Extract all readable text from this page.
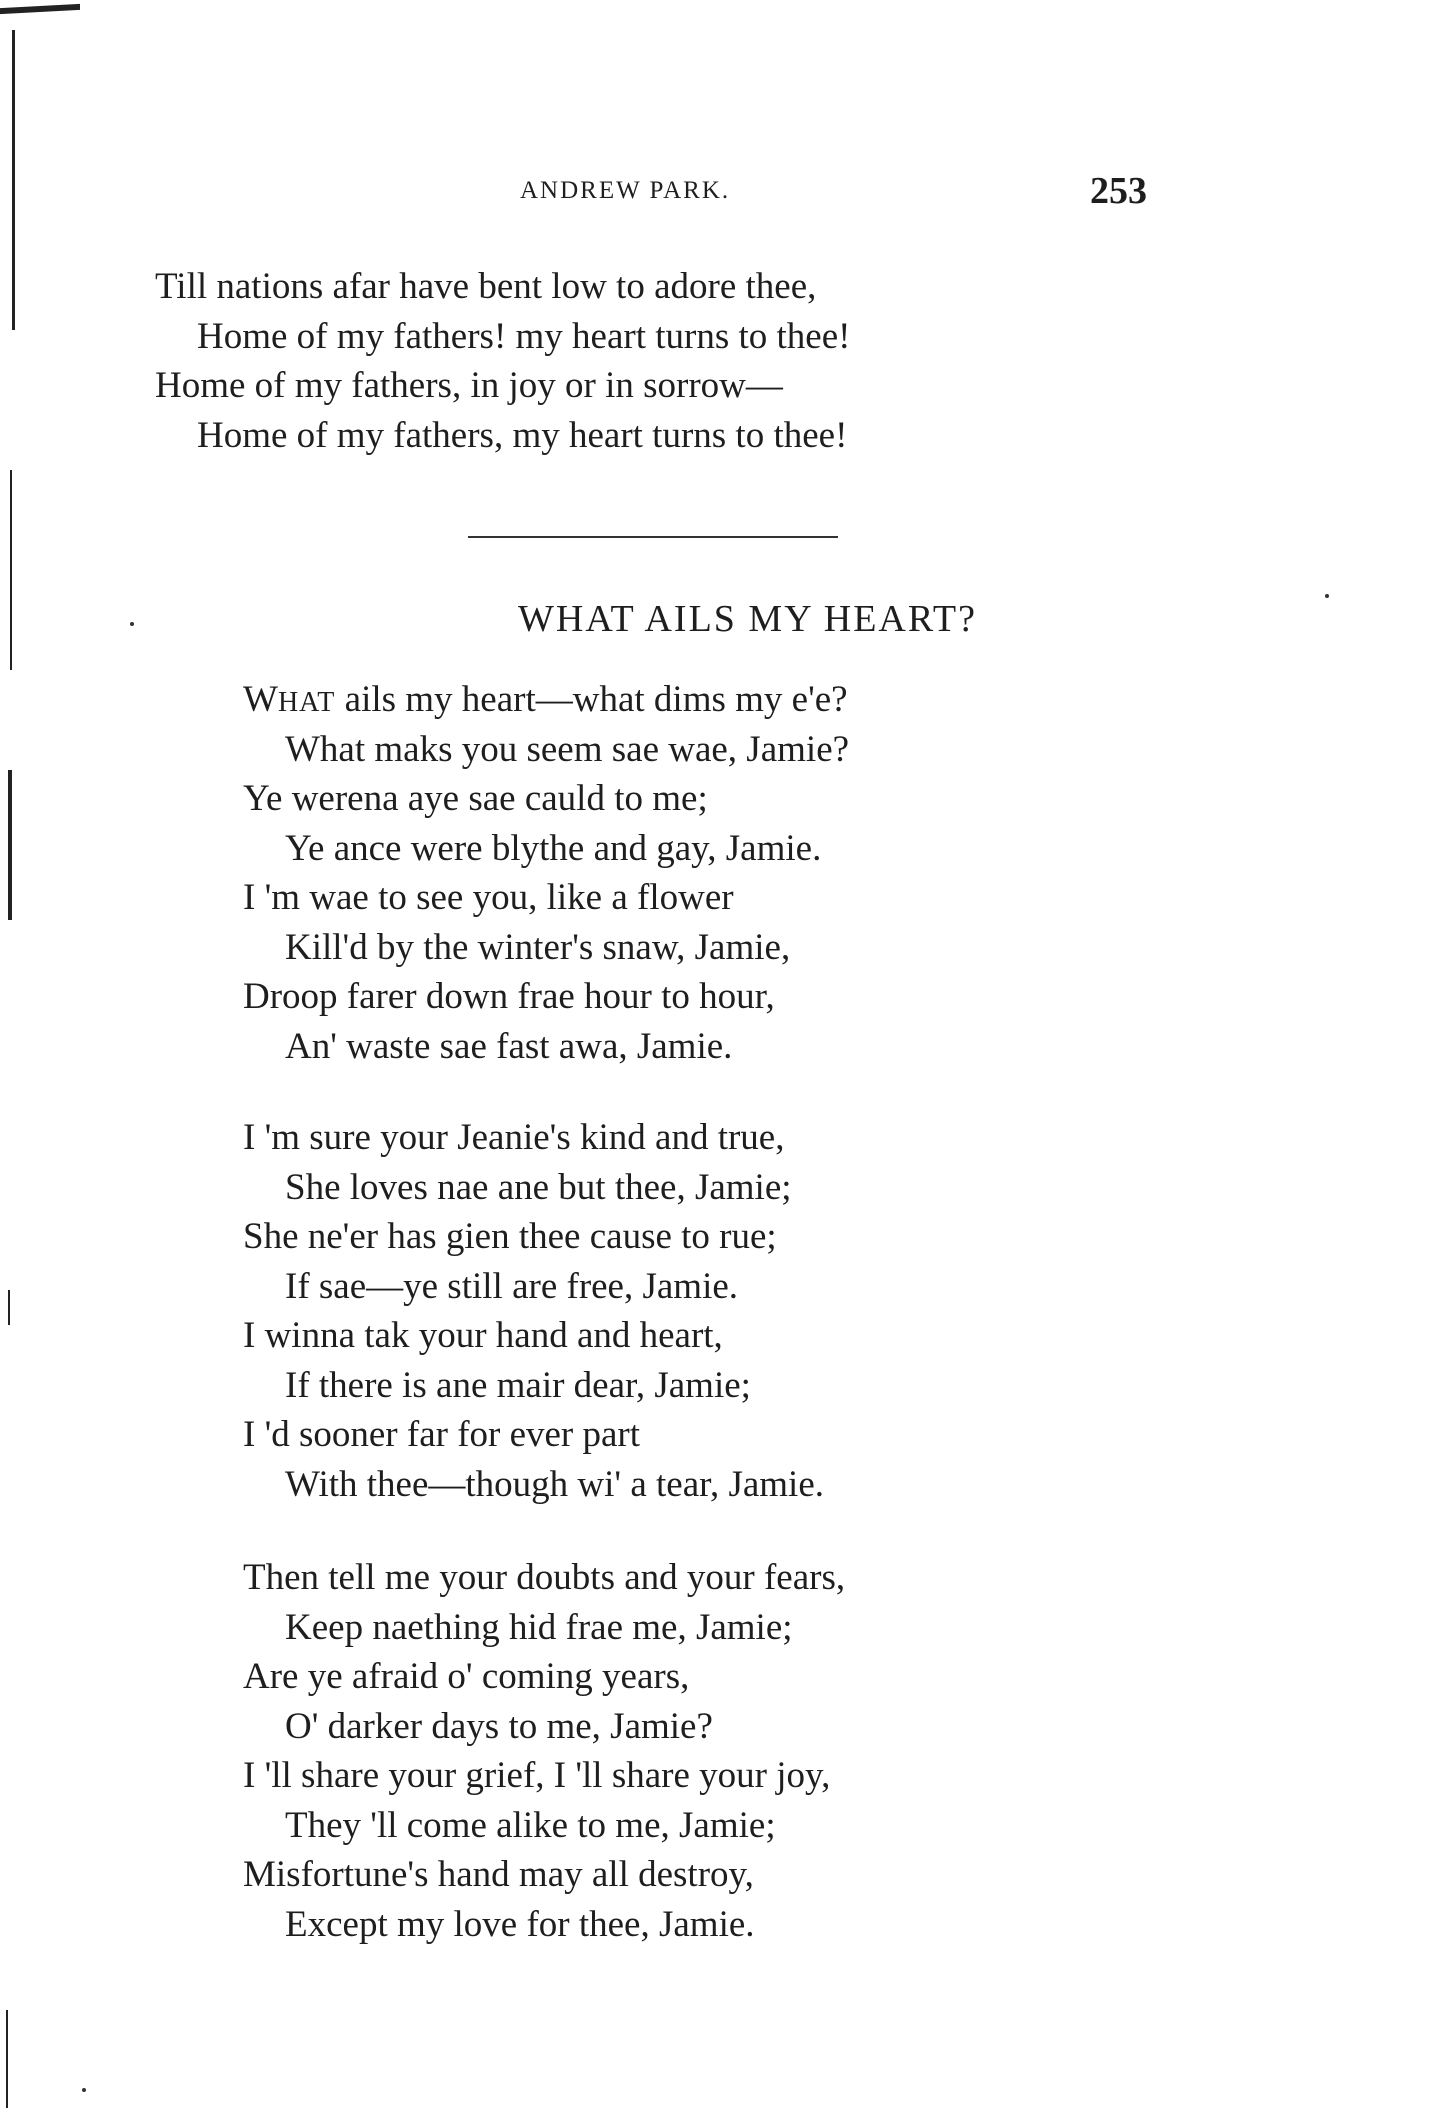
ANDREW PARK.	253
Till nations afar have bent low to adore thee,
Home of my fathers! my heart turns to thee!
Home of my fathers, in joy or in sorrow—
Home of my fathers, my heart turns to thee!
WHAT AILS MY HEART?
WHAT ails my heart—what dims my e'e?
What maks you seem sae wae, Jamie?
Ye werena aye sae cauld to me;
Ye ance were blythe and gay, Jamie.
I 'm wae to see you, like a flower
Kill'd by the winter's snaw, Jamie,
Droop farer down frae hour to hour,
An' waste sae fast awa, Jamie.
I 'm sure your Jeanie's kind and true,
She loves nae ane but thee, Jamie;
She ne'er has gien thee cause to rue;
If sae—ye still are free, Jamie.
I winna tak your hand and heart,
If there is ane mair dear, Jamie;
I 'd sooner far for ever part
With thee—though wi' a tear, Jamie.
Then tell me your doubts and your fears,
Keep naething hid frae me, Jamie;
Are ye afraid o' coming years,
O' darker days to me, Jamie?
I 'll share your grief, I 'll share your joy,
They 'll come alike to me, Jamie;
Misfortune's hand may all destroy,
Except my love for thee, Jamie.
